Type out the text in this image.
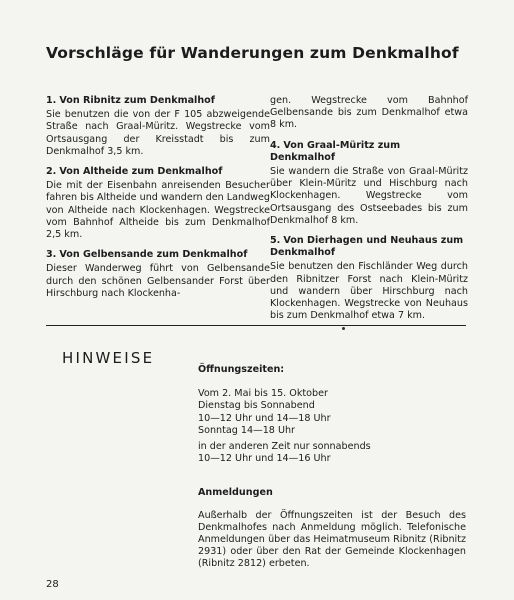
Vorschläge für Wanderungen zum Denkmalhof
1. Von Ribnitz zum Denkmalhof

Sie benutzen die von der F 105 abzweigende Straße nach Graal-Müritz. Wegstrecke vom Ortsausgang der Kreisstadt bis zum Denkmalhof 3,5 km.

2. Von Altheide zum Denkmalhof

Die mit der Eisenbahn anreisenden Besucher fahren bis Altheide und wandern den Landweg von Altheide nach Klockenhagen. Wegstrecke vom Bahnhof Altheide bis zum Denkmalhof 2,5 km.

3. Von Gelbensande zum Denkmalhof

Dieser Wanderweg führt von Gelbensande durch den schönen Gelbensander Forst über Hirschburg nach Klockenha-

gen. Wegstrecke vom Bahnhof Gelbensande bis zum Denkmalhof etwa 8 km.

4. Von Graal-Müritz zum Denkmalhof

Sie wandern die Straße von Graal-Müritz über Klein-Müritz und Hischburg nach Klockenhagen. Wegstrecke vom Ortsausgang des Ostseebades bis zum Denkmalhof 8 km.

5. Von Dierhagen und Neuhaus zum Denkmalhof

Sie benutzen den Fischländer Weg durch den Ribnitzer Forst nach Klein-Müritz und wandern über Hirschburg nach Klockenhagen. Wegstrecke von Neuhaus bis zum Denkmalhof etwa 7 km.

HINWEISE
Öffnungszeiten:
Vom 2. Mai bis 15. Oktober
Dienstag bis Sonnabend
10—12 Uhr und 14—18 Uhr
Sonntag 14—18 Uhr
in der anderen Zeit nur sonnabends
10—12 Uhr und 14—16 Uhr
Anmeldungen

Außerhalb der Öffnungszeiten ist der Besuch des Denkmalhofes nach Anmeldung möglich. Telefonische Anmeldungen über das Heimatmuseum Ribnitz (Ribnitz 2931) oder über den Rat der Gemeinde Klockenhagen (Ribnitz 2812) erbeten.

28
